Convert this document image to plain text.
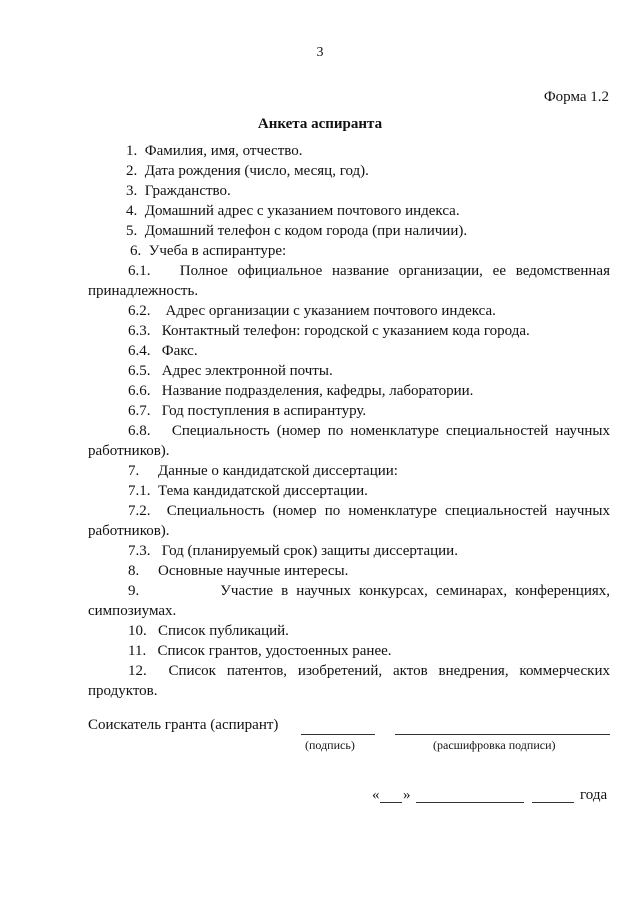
3
Форма 1.2
Анкета аспиранта

1.  Фамилия, имя, отчество.

2.  Дата рождения (число, месяц, год).

3.  Гражданство.

4.  Домашний адрес с указанием почтового индекса.

5.  Домашний телефон с кодом города (при наличии).

6.  Учеба в аспирантуре:

6.1.   Полное официальное название организации, ее ведомственная принадлежность.

6.2.    Адрес организации с указанием почтового индекса.

6.3.   Контактный телефон: городской с указанием кода города.

6.4.   Факс.

6.5.   Адрес электронной почты.

6.6.   Название подразделения, кафедры, лаборатории.

6.7.   Год поступления в аспирантуру.

6.8.   Специальность (номер по номенклатуре специальностей научных работников).

7.     Данные о кандидатской диссертации:

7.1.  Тема кандидатской диссертации.

7.2.  Специальность (номер по номенклатуре специальностей научных работников).

7.3.   Год (планируемый срок) защиты диссертации.

8.     Основные научные интересы.

9.          Участие в научных конкурсах, семинарах, конференциях, симпозиумах.

10.   Список публикаций.

11.   Список грантов, удостоенных ранее.

12.  Список патентов, изобретений, актов внедрения, коммерческих продуктов.

Соискатель гранта (аспирант)
(подпись)	(расшифровка подписи)
« »	года
